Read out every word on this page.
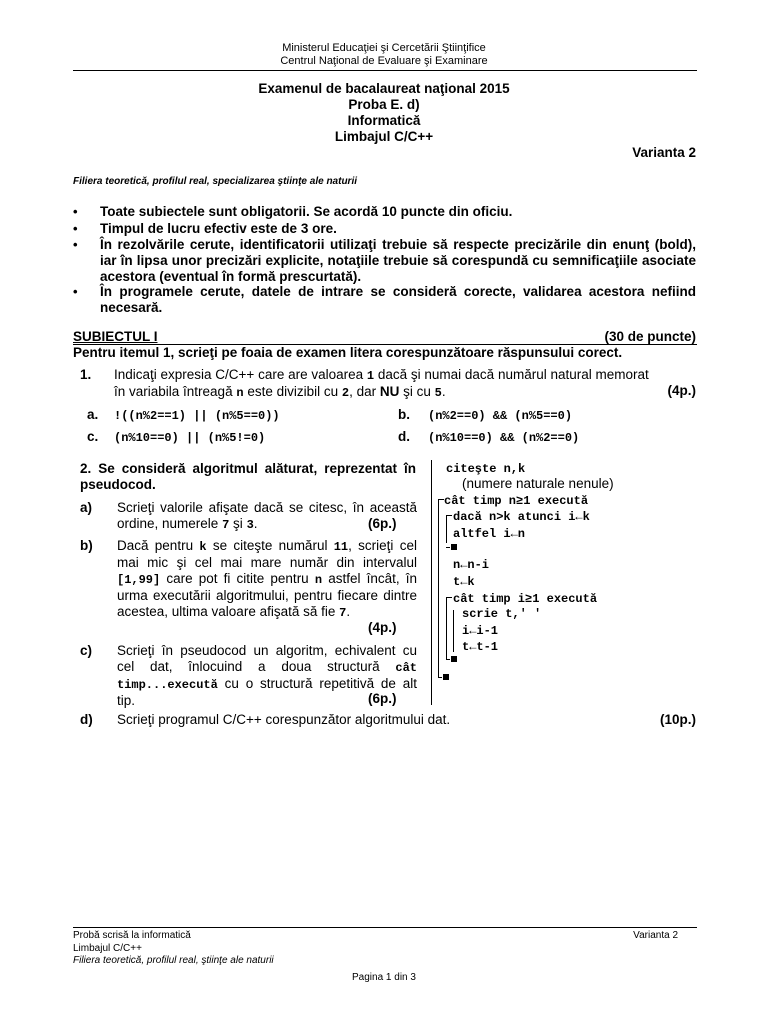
Ministerul Educaţiei şi Cercetării Ştiinţifice
Centrul Naţional de Evaluare şi Examinare
Examenul de bacalaureat naţional 2015
Proba E. d)
Informatică
Limbajul C/C++
Varianta 2
Filiera teoretică, profilul real, specializarea ştiinţe ale naturii
• Toate subiectele sunt obligatorii. Se acordă 10 puncte din oficiu.
• Timpul de lucru efectiv este de 3 ore.
• În rezolvările cerute, identificatorii utilizaţi trebuie să respecte precizările din enunţ (bold), iar în lipsa unor precizări explicite, notaţiile trebuie să corespundă cu semnificaţiile asociate acestora (eventual în formă prescurtată).
• În programele cerute, datele de intrare se consideră corecte, validarea acestora nefiind necesară.
SUBIECTUL I	(30 de puncte)
Pentru itemul 1, scrieţi pe foaia de examen litera corespunzătoare răspunsului corect.
1. Indicaţi expresia C/C++ care are valoarea 1 dacă şi numai dacă numărul natural memorat
în variabila întreagă n este divizibil cu 2, dar NU şi cu 5.	(4p.)
a. !((n%2==1) || (n%5==0))	b. (n%2==0) && (n%5==0)
c. (n%10==0) || (n%5!=0)	d. (n%10==0) && (n%2==0)
2. Se consideră algoritmul alăturat, reprezentat în pseudocod.
a) Scrieţi valorile afişate dacă se citesc, în această ordine, numerele 7 şi 3.	(6p.)
b) Dacă pentru k se citeşte numărul 11, scrieţi cel mai mic şi cel mai mare număr din intervalul [1,99] care pot fi citite pentru n astfel încât, în urma executării algoritmului, pentru fiecare dintre acestea, ultima valoare afişată să fie 7.
(4p.)
c) Scrieţi în pseudocod un algoritm, echivalent cu cel dat, înlocuind a doua structură cât timp...execută cu o structură repetitivă de alt tip.	(6p.)
d) Scrieţi programul C/C++ corespunzător algoritmului dat.	(10p.)
citeşte n,k
(numere naturale nenule)
cât timp n≥1 execută
dacă n>k atunci i←k
altfel i←n
n←n-i
t←k
cât timp i≥1 execută
scrie t,' '
i←i-1
t←t-1
Probă scrisă la informatică	Varianta 2
Limbajul C/C++
Filiera teoretică, profilul real, ştiinţe ale naturii
Pagina 1 din 3
